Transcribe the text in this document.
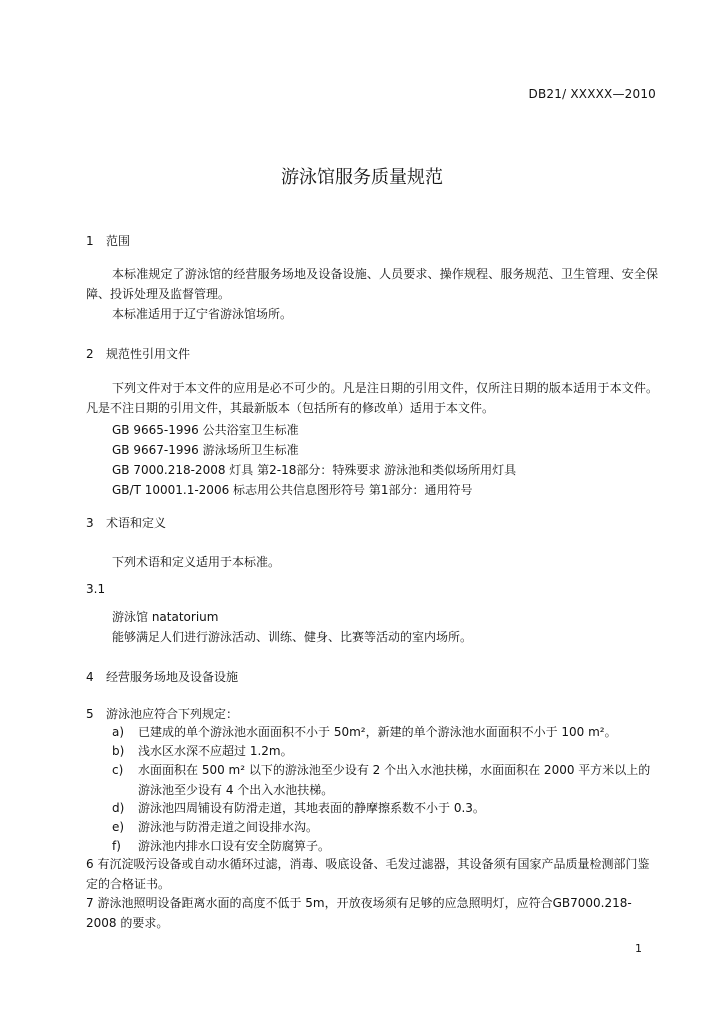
DB21/ XXXXX—2010
游泳馆服务质量规范
1 范围
本标准规定了游泳馆的经营服务场地及设备设施、人员要求、操作规程、服务规范、卫生管理、安全保障、投诉处理及监督管理。
本标准适用于辽宁省游泳馆场所。
2 规范性引用文件
下列文件对于本文件的应用是必不可少的。凡是注日期的引用文件，仅所注日期的版本适用于本文件。凡是不注日期的引用文件，其最新版本（包括所有的修改单）适用于本文件。
GB 9665-1996 公共浴室卫生标准
GB 9667-1996 游泳场所卫生标准
GB 7000.218-2008 灯具 第2-18部分：特殊要求 游泳池和类似场所用灯具
GB/T 10001.1-2006 标志用公共信息图形符号 第1部分：通用符号
3 术语和定义
下列术语和定义适用于本标准。
3.1
游泳馆 natatorium
能够满足人们进行游泳活动、训练、健身、比赛等活动的室内场所。
4 经营服务场地及设备设施
5 游泳池应符合下列规定：
a) 已建成的单个游泳池水面面积不小于 50m²，新建的单个游泳池水面面积不小于 100 m²。
b) 浅水区水深不应超过 1.2m。
c) 水面面积在 500 m² 以下的游泳池至少设有 2 个出入水池扶梯，水面面积在 2000 平方米以上的游泳池至少设有 4 个出入水池扶梯。
d) 游泳池四周铺设有防滑走道，其地表面的静摩擦系数不小于 0.3。
e) 游泳池与防滑走道之间设排水沟。
f) 游泳池内排水口设有安全防腐箅子。
6 有沉淀吸污设备或自动水循环过滤，消毒、吸底设备、毛发过滤器，其设备须有国家产品质量检测部门鉴定的合格证书。
7 游泳池照明设备距离水面的高度不低于 5m，开放夜场须有足够的应急照明灯，应符合GB7000.218-2008 的要求。
1
